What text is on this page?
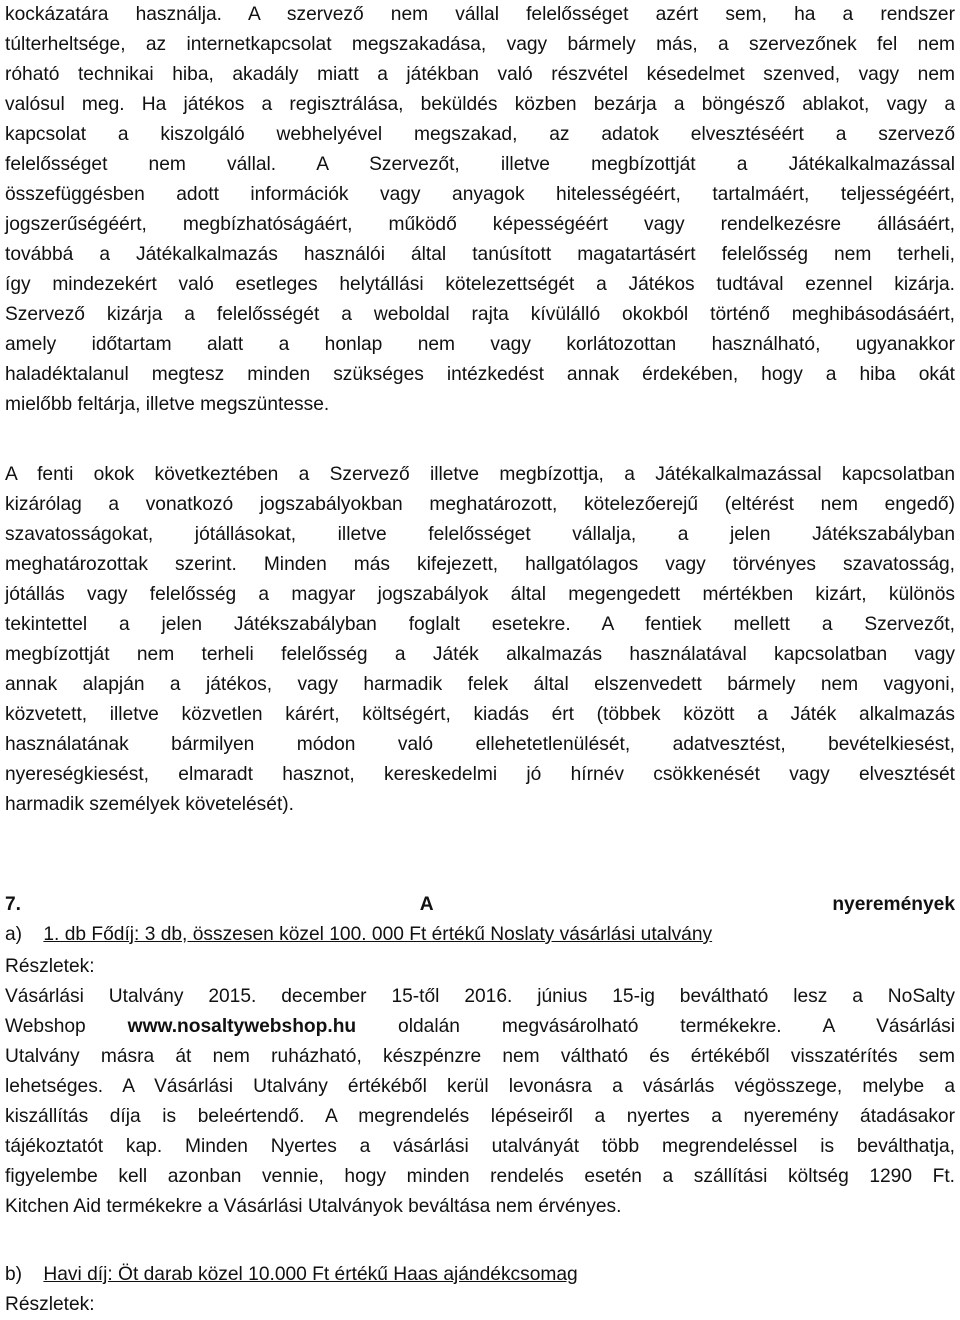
kockázatára használja. A szervező nem vállal felelősséget azért sem, ha a rendszer
túlterheltsége, az internetkapcsolat megszakadása, vagy bármely más, a szervezőnek fel nem
róható technikai hiba, akadály miatt a játékban való részvétel késedelmet szenved, vagy nem
valósul meg. Ha játékos a regisztrálása, beküldés közben bezárja a böngésző ablakot, vagy a
kapcsolat a kiszolgáló webhelyével megszakad, az adatok elvesztéséért a szervező
felelősséget nem vállal. A Szervezőt, illetve megbízottját a Játékalkalmazással
összefüggésben adott információk vagy anyagok hitelességéért, tartalmáért, teljességéért,
jogszerűségéért, megbízhatóságáért, működő képességéért vagy rendelkezésre állásáért,
továbbá a Játékalkalmazás használói által tanúsított magatartásért felelősség nem terheli,
így mindezekért való esetleges helytállási kötelezettségét a Játékos tudtával ezennel kizárja.
Szervező kizárja a felelősségét a weboldal rajta kívülálló okokból történő meghibásodásáért,
amely időtartam alatt a honlap nem vagy korlátozottan használható, ugyanakkor
haladéktalanul megtesz minden szükséges intézkedést annak érdekében, hogy a hiba okát
mielőbb feltárja, illetve megszüntesse.
A fenti okok következtében a Szervező illetve megbízottja, a Játékalkalmazással kapcsolatban
kizárólag a vonatkozó jogszabályokban meghatározott, kötelezőerejű (eltérést nem engedő)
szavatosságokat, jótállásokat, illetve felelősséget vállalja, a jelen Játékszabályban
meghatározottak szerint. Minden más kifejezett, hallgatólagos vagy törvényes szavatosság,
jótállás vagy felelősség a magyar jogszabályok által megengedett mértékben kizárt, különös
tekintettel a jelen Játékszabályban foglalt esetekre. A fentiek mellett a Szervezőt,
megbízottját nem terheli felelősség a Játék alkalmazás használatával kapcsolatban vagy
annak alapján a játékos, vagy harmadik felek által elszenvedett bármely nem vagyoni,
közvetett, illetve közvetlen kárért, költségért, kiadás ért (többek között a Játék alkalmazás
használatának bármilyen módon való ellehetetlenülését, adatvesztést, bevételkiesést,
nyereségkiesést, elmaradt hasznot, kereskedelmi jó hírnév csökkenését vagy elvesztését
harmadik személyek követelését).
7. A nyeremények
a) 1. db Fődíj: 3 db, összesen közel 100. 000 Ft értékű Noslaty vásárlási utalvány
Részletek:
Vásárlási Utalvány 2015. december 15-től 2016. június 15-ig beváltható lesz a NoSalty
Webshop www.nosaltywebshop.hu oldalán megvásárolható termékekre. A Vásárlási
Utalvány másra át nem ruházható, készpénzre nem váltható és értékéből visszatérítés sem
lehetséges. A Vásárlási Utalvány értékéből kerül levonásra a vásárlás végösszege, melybe a
kiszállítás díja is beleértendő. A megrendelés lépéseiről a nyertes a nyeremény átadásakor
tájékoztatót kap. Minden Nyertes a vásárlási utalványát több megrendeléssel is beválthatja,
figyelembe kell azonban vennie, hogy minden rendelés esetén a szállítási költség 1290 Ft.
Kitchen Aid termékekre a Vásárlási Utalványok beváltása nem érvényes.
b) Havi díj: Öt darab közel 10.000 Ft értékű Haas ajándékcsomag
Részletek:
